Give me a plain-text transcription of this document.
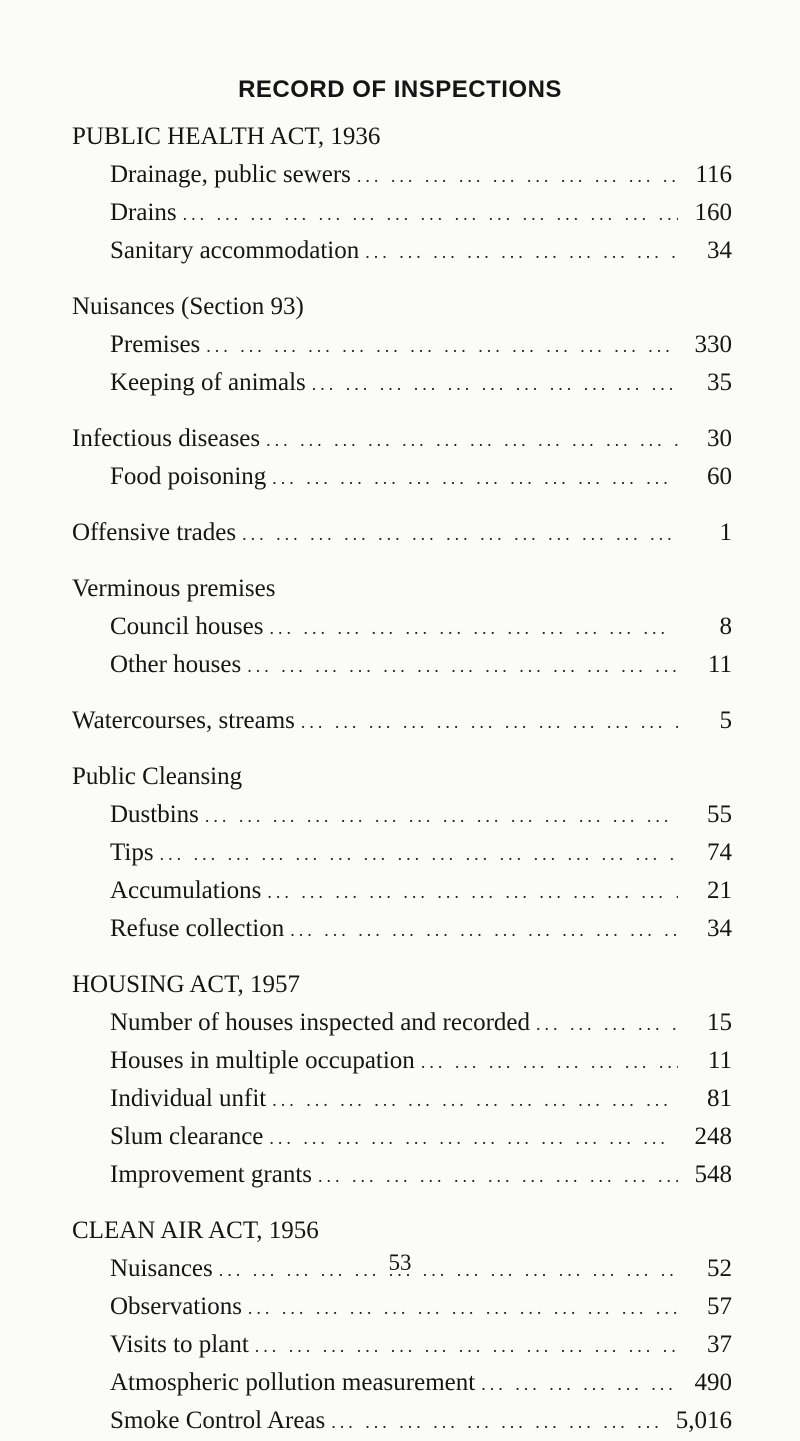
RECORD OF INSPECTIONS
PUBLIC HEALTH ACT, 1936
Drainage, public sewers ... .	116
Drains ... .	160
Sanitary accommodation ... .	34
Nuisances (Section 93)
Premises ... .	330
Keeping of animals ... .	35
Infectious diseases ... .	30
Food poisoning ... .	60
Offensive trades ... .	1
Verminous premises
Council houses ... .	8
Other houses ... .	11
Watercourses, streams ... .	5
Public Cleansing
Dustbins ... .	55
Tips ... .	74
Accumulations ... .	21
Refuse collection ... .	34
HOUSING ACT, 1957
Number of houses inspected and recorded ... .	15
Houses in multiple occupation ... .	11
Individual unfit ... .	81
Slum clearance ... .	248
Improvement grants ... .	548
CLEAN AIR ACT, 1956
Nuisances ... .	52
Observations ... .	57
Visits to plant ... .	37
Atmospheric pollution measurement ... .	490
Smoke Control Areas ... .	5,016
53
